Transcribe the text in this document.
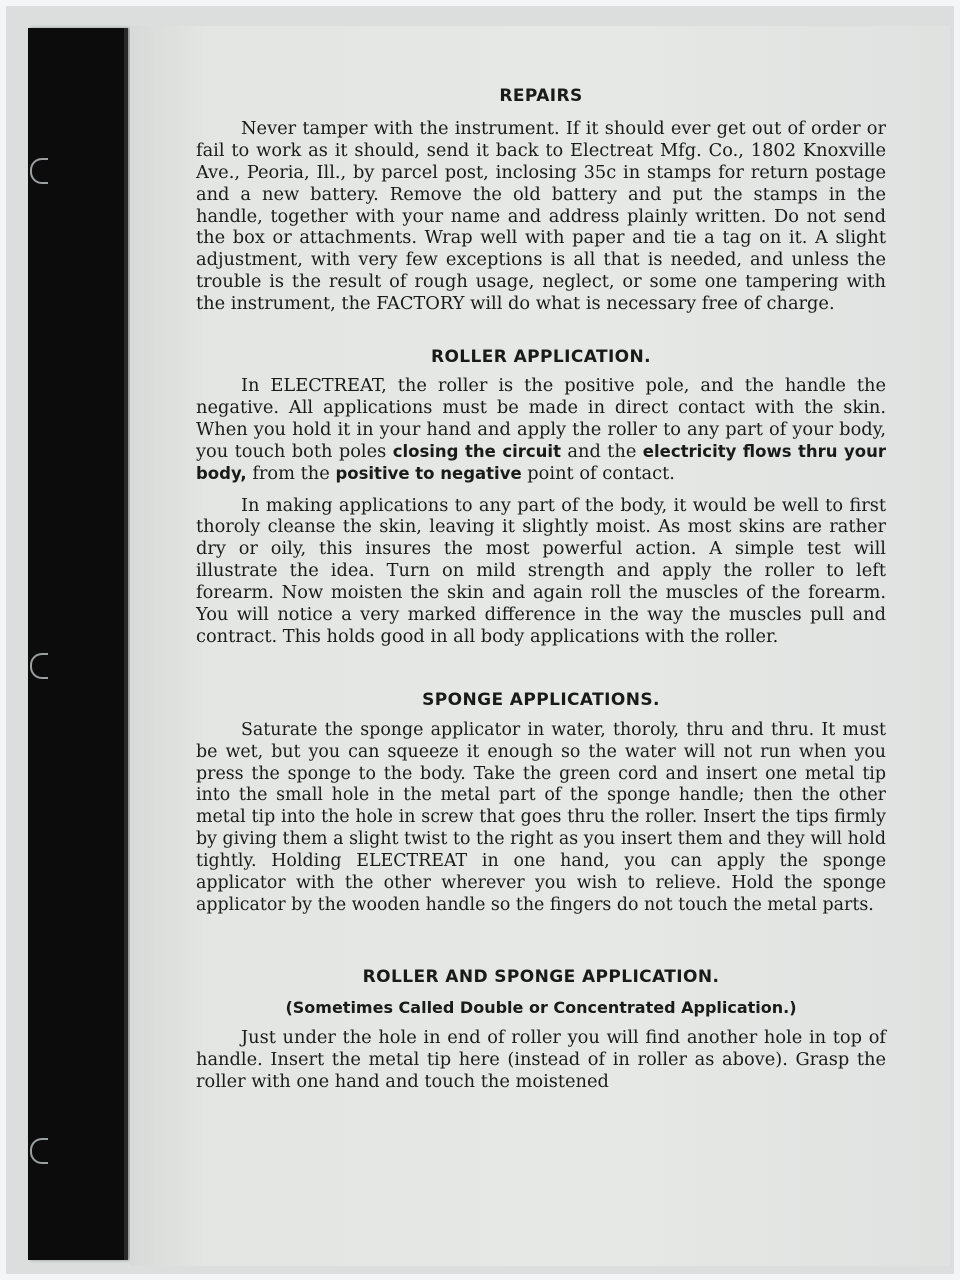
REPAIRS

Never tamper with the instrument. If it should ever get out of order or fail to work as it should, send it back to Electreat Mfg. Co., 1802 Knoxville Ave., Peoria, Ill., by parcel post, inclosing 35c in stamps for return postage and a new battery. Remove the old battery and put the stamps in the handle, together with your name and address plainly written. Do not send the box or attachments. Wrap well with paper and tie a tag on it. A slight adjustment, with very few exceptions is all that is needed, and unless the trouble is the result of rough usage, neglect, or some one tampering with the instrument, the FACTORY will do what is necessary free of charge.

ROLLER APPLICATION.

In ELECTREAT, the roller is the positive pole, and the handle the negative. All applications must be made in direct contact with the skin. When you hold it in your hand and apply the roller to any part of your body, you touch both poles closing the circuit and the electricity flows thru your body, from the positive to negative point of contact.

In making applications to any part of the body, it would be well to first thoroly cleanse the skin, leaving it slightly moist. As most skins are rather dry or oily, this insures the most powerful action. A simple test will illustrate the idea. Turn on mild strength and apply the roller to left forearm. Now moisten the skin and again roll the muscles of the forearm. You will notice a very marked difference in the way the muscles pull and contract. This holds good in all body applications with the roller.

SPONGE APPLICATIONS.

Saturate the sponge applicator in water, thoroly, thru and thru. It must be wet, but you can squeeze it enough so the water will not run when you press the sponge to the body. Take the green cord and insert one metal tip into the small hole in the metal part of the sponge handle; then the other metal tip into the hole in screw that goes thru the roller. Insert the tips firmly by giving them a slight twist to the right as you insert them and they will hold tightly. Holding ELECTREAT in one hand, you can apply the sponge applicator with the other wherever you wish to relieve. Hold the sponge applicator by the wooden handle so the fingers do not touch the metal parts.

ROLLER AND SPONGE APPLICATION.
(Sometimes Called Double or Concentrated Application.)

Just under the hole in end of roller you will find another hole in top of handle. Insert the metal tip here (instead of in roller as above). Grasp the roller with one hand and touch the moistened
